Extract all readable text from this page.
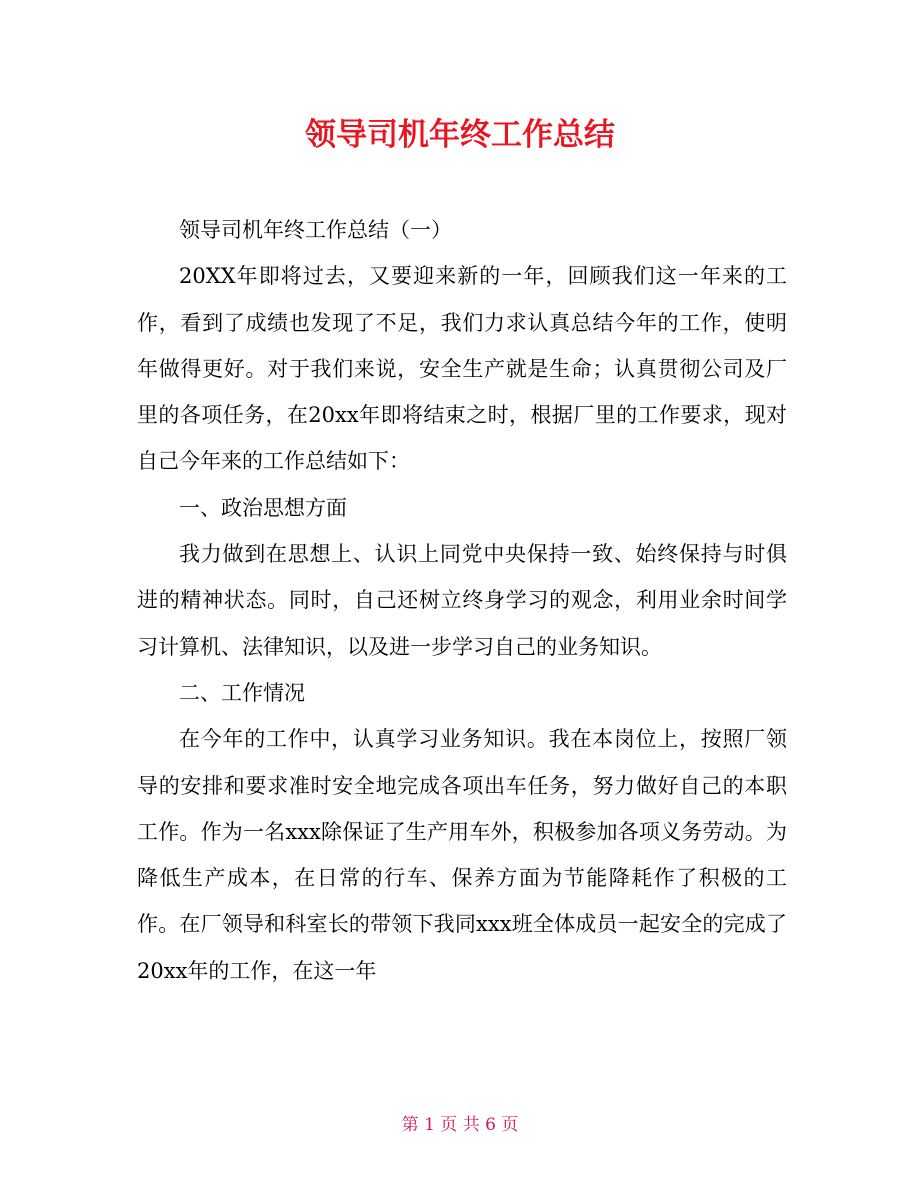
领导司机年终工作总结

领导司机年终工作总结（一）

20XX年即将过去，又要迎来新的一年，回顾我们这一年来的工作，看到了成绩也发现了不足，我们力求认真总结今年的工作，使明年做得更好。对于我们来说，安全生产就是生命；认真贯彻公司及厂里的各项任务，在20xx年即将结束之时，根据厂里的工作要求，现对自己今年来的工作总结如下：

一、政治思想方面

我力做到在思想上、认识上同党中央保持一致、始终保持与时俱进的精神状态。同时，自己还树立终身学习的观念，利用业余时间学习计算机、法律知识，以及进一步学习自己的业务知识。

二、工作情况

在今年的工作中，认真学习业务知识。我在本岗位上，按照厂领导的安排和要求准时安全地完成各项出车任务，努力做好自己的本职工作。作为一名xxx除保证了生产用车外，积极参加各项义务劳动。为降低生产成本，在日常的行车、保养方面为节能降耗作了积极的工作。在厂领导和科室长的带领下我同xxx班全体成员一起安全的完成了20xx年的工作，在这一年

第 1 页 共 6 页
